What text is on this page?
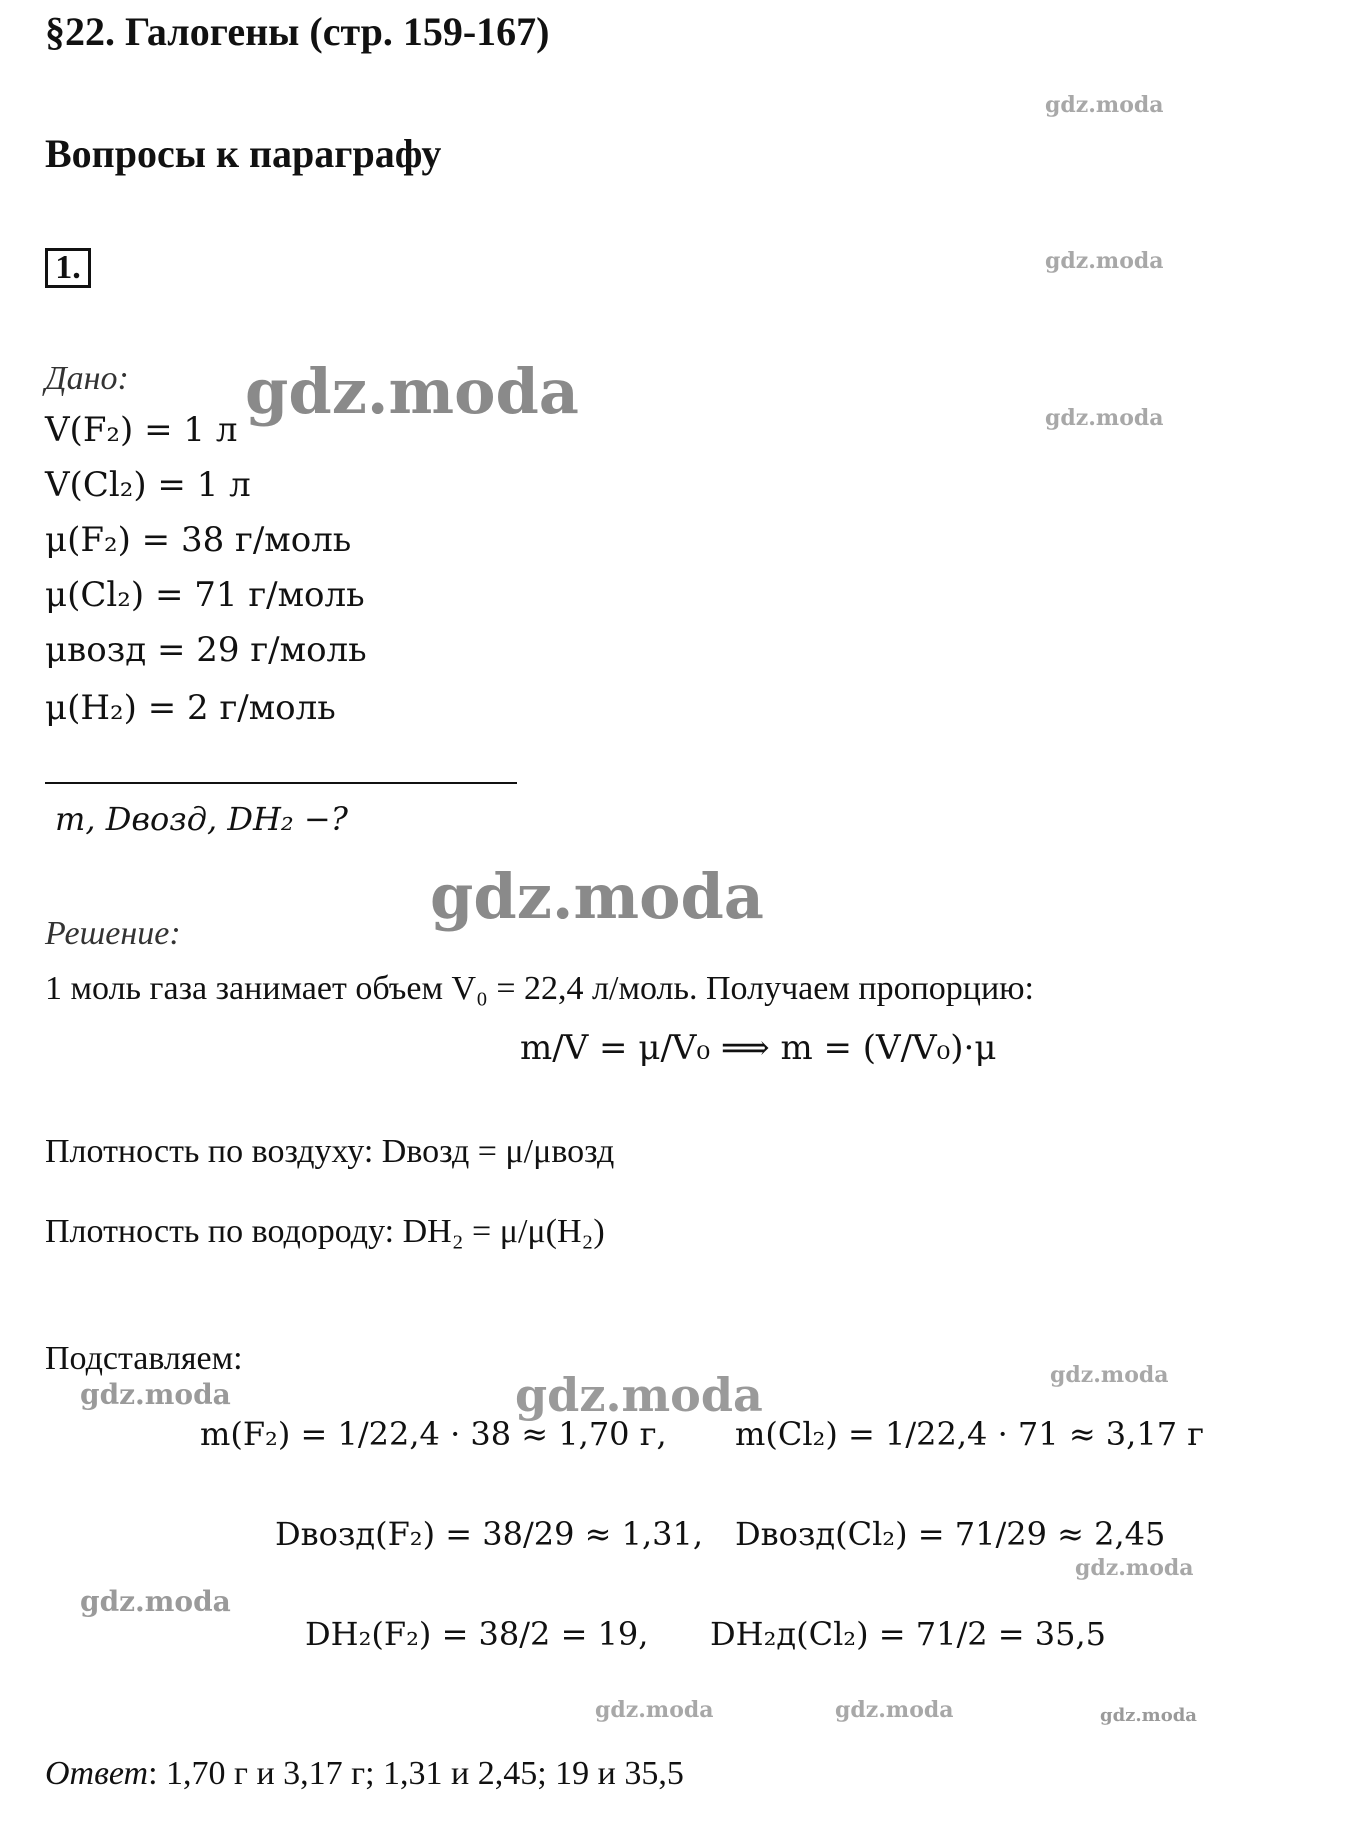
§22. Галогены (стр. 159-167)
Вопросы к параграфу
1.
Дано:
V(F₂) = 1 л
V(Cl₂) = 1 л
μ(F₂) = 38 г/моль
μ(Cl₂) = 71 г/моль
μвозд = 29 г/моль
μ(H₂) = 2 г/моль
m, Dвозд, DH₂ −?
Решение:
1 моль газа занимает объем V₀ = 22,4 л/моль. Получаем пропорцию:
m/V = μ/V₀ ⟹ m = (V/V₀)·μ
Плотность по воздуху: Dвозд = μ/μвозд
Плотность по водороду: DH₂ = μ/μ(H₂)
Подставляем:
m(F₂) = 1/22,4 · 38 ≈ 1,70 г, m(Cl₂) = 1/22,4 · 71 ≈ 3,17 г
Dвозд(F₂) = 38/29 ≈ 1,31, Dвозд(Cl₂) = 71/29 ≈ 2,45
DH₂(F₂) = 38/2 = 19, DH₂д(Cl₂) = 71/2 = 35,5
Ответ: 1,70 г и 3,17 г; 1,31 и 2,45; 19 и 35,5
gdz.moda
gdz.moda
gdz.moda
gdz.moda
gdz.moda
gdz.moda	gdz.moda
gdz.moda
gdz.moda
gdz.moda
gdz.moda	gdz.moda	gdz.moda
